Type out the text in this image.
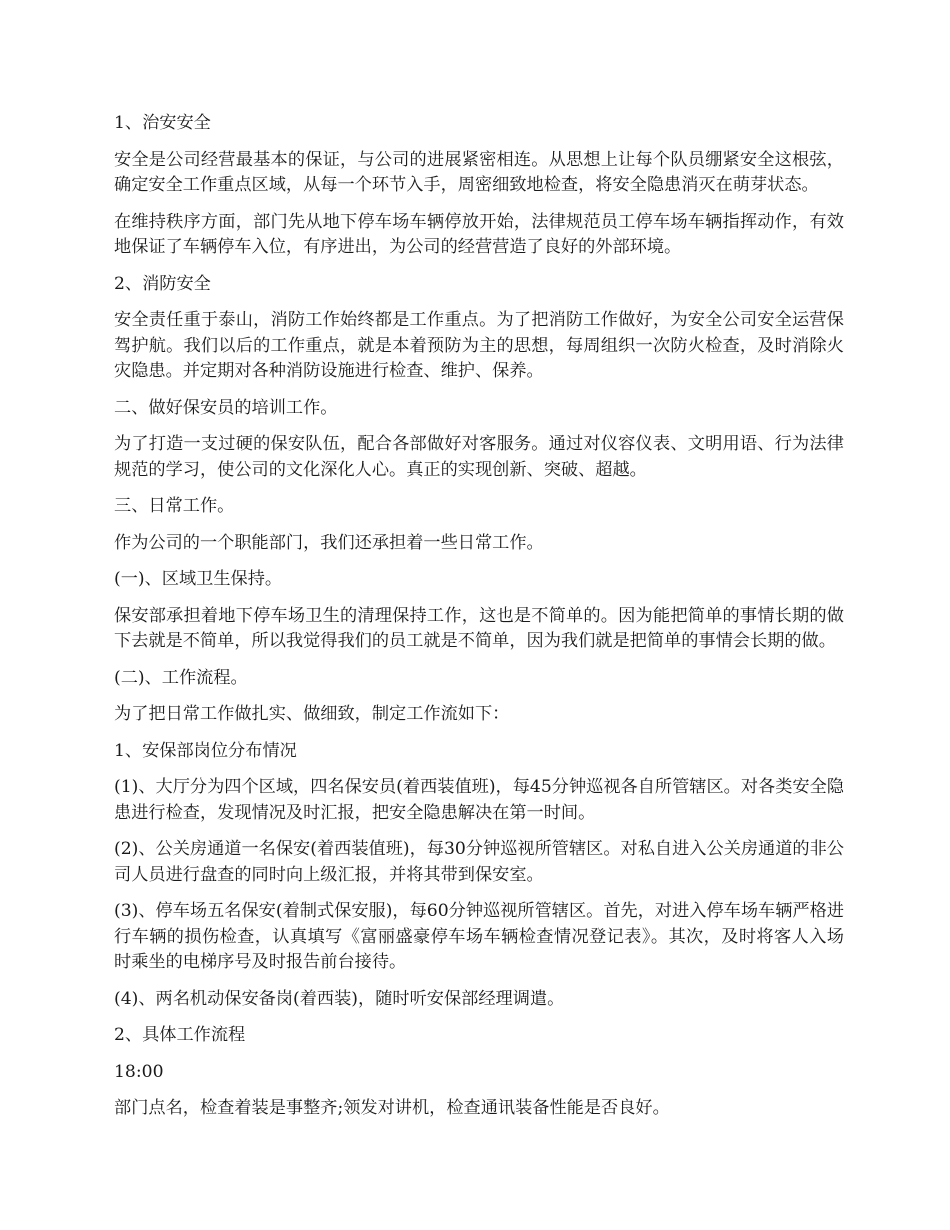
1、治安安全

安全是公司经营最基本的保证，与公司的进展紧密相连。从思想上让每个队员绷紧安全这根弦，确定安全工作重点区域，从每一个环节入手，周密细致地检查，将安全隐患消灭在萌芽状态。

在维持秩序方面，部门先从地下停车场车辆停放开始，法律规范员工停车场车辆指挥动作，有效地保证了车辆停车入位，有序进出，为公司的经营营造了良好的外部环境。

2、消防安全

安全责任重于泰山，消防工作始终都是工作重点。为了把消防工作做好，为安全公司安全运营保驾护航。我们以后的工作重点，就是本着预防为主的思想，每周组织一次防火检查，及时消除火灾隐患。并定期对各种消防设施进行检查、维护、保养。

二、做好保安员的培训工作。

为了打造一支过硬的保安队伍，配合各部做好对客服务。通过对仪容仪表、文明用语、行为法律规范的学习，使公司的文化深化人心。真正的实现创新、突破、超越。

三、日常工作。

作为公司的一个职能部门，我们还承担着一些日常工作。

(一)、区域卫生保持。

保安部承担着地下停车场卫生的清理保持工作，这也是不简单的。因为能把简单的事情长期的做下去就是不简单，所以我觉得我们的员工就是不简单，因为我们就是把简单的事情会长期的做。

(二)、工作流程。

为了把日常工作做扎实、做细致，制定工作流如下：

1、安保部岗位分布情况

(1)、大厅分为四个区域，四名保安员(着西装值班)，每45分钟巡视各自所管辖区。对各类安全隐患进行检查，发现情况及时汇报，把安全隐患解决在第一时间。

(2)、公关房通道一名保安(着西装值班)，每30分钟巡视所管辖区。对私自进入公关房通道的非公司人员进行盘查的同时向上级汇报，并将其带到保安室。

(3)、停车场五名保安(着制式保安服)，每60分钟巡视所管辖区。首先，对进入停车场车辆严格进行车辆的损伤检查，认真填写《富丽盛豪停车场车辆检查情况登记表》。其次，及时将客人入场时乘坐的电梯序号及时报告前台接待。

(4)、两名机动保安备岗(着西装)，随时听安保部经理调遣。

2、具体工作流程

18:00

部门点名，检查着装是事整齐;领发对讲机，检查通讯装备性能是否良好。
